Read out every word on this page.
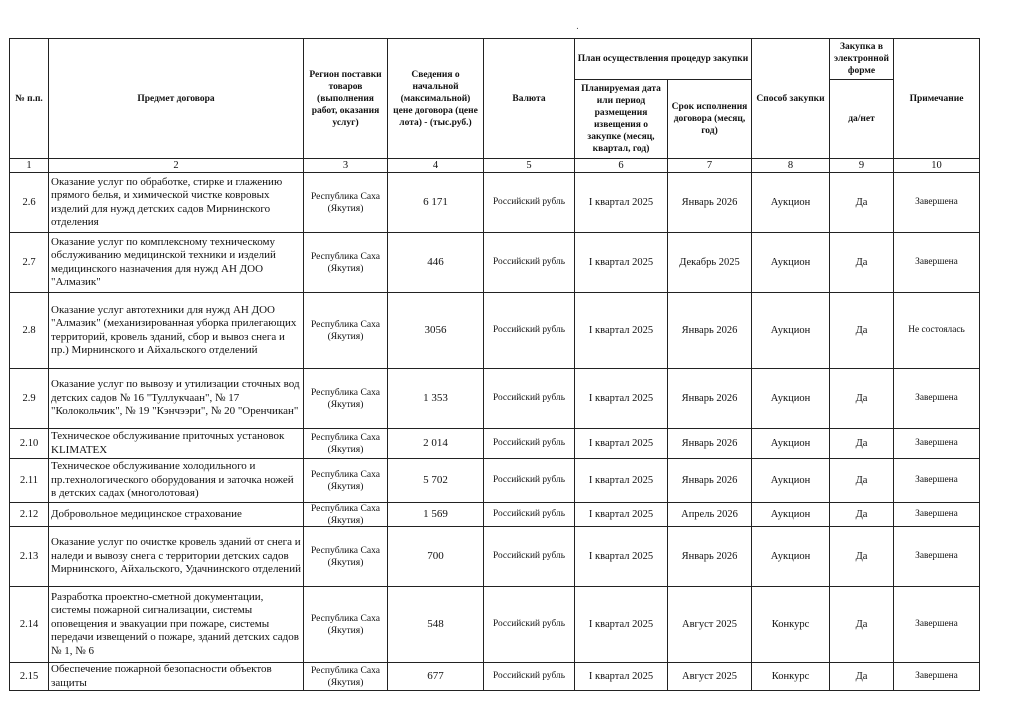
№ п.п.	Предмет договора	Регион поставки товаров (выполнения работ, оказания услуг)	Сведения о начальной (максимальной) цене договора (цене лота) - (тыс.руб.)	Валюта	План осуществления процедур закупки		Способ закупки	Закупка в электронной форме	Примечание
					Планируемая дата или период размещения извещения о закупке (месяц, квартал, год)	Срок исполнения договора (месяц, год)		да/нет	
1	2	3	4	5	6	7	8	9	10
2.6	Оказание услуг по обработке, стирке и глажению прямого белья, и химической чистке ковровых изделий для нужд детских садов Мирнинского отделения	Республика Саха (Якутия)	6 171	Российский рубль	I квартал 2025	Январь 2026	Аукцион	Да	Завершена
2.7	Оказание услуг по комплексному техническому обслуживанию медицинской техники и изделий медицинского назначения для нужд АН ДОО "Алмазик"	Республика Саха (Якутия)	446	Российский рубль	I квартал 2025	Декабрь 2025	Аукцион	Да	Завершена
2.8	Оказание услуг автотехники для нужд АН ДОО "Алмазик" (механизированная уборка прилегающих территорий, кровель зданий, сбор и вывоз снега и пр.) Мирнинского и Айхальского отделений	Республика Саха (Якутия)	3056	Российский рубль	I квартал 2025	Январь 2026	Аукцион	Да	Не состоялась
2.9	Оказание услуг по вывозу и утилизации сточных вод детских садов № 16 "Туллукчаан", № 17 "Колокольчик", № 19 "Кэнчээри", № 20 "Оренчикан"	Республика Саха (Якутия)	1 353	Российский рубль	I квартал 2025	Январь 2026	Аукцион	Да	Завершена
2.10	Техническое обслуживание приточных установок KLIMATEX	Республика Саха (Якутия)	2 014	Российский рубль	I квартал 2025	Январь 2026	Аукцион	Да	Завершена
2.11	Техническое обслуживание холодильного и пр.технологического оборудования и заточка ножей в детских садах (многолотовая)	Республика Саха (Якутия)	5 702	Российский рубль	I квартал 2025	Январь 2026	Аукцион	Да	Завершена
2.12	Добровольное медицинское страхование	Республика Саха (Якутия)	1 569	Российский рубль	I квартал 2025	Апрель 2026	Аукцион	Да	Завершена
2.13	Оказание услуг по очистке кровель зданий от снега и наледи и вывозу снега с территории детских садов Мирнинского, Айхальского, Удачнинского отделений	Республика Саха (Якутия)	700	Российский рубль	I квартал 2025	Январь 2026	Аукцион	Да	Завершена
2.14	Разработка проектно-сметной документации, системы пожарной сигнализации, системы оповещения и эвакуации при пожаре, системы передачи извещений о пожаре, зданий детских садов № 1, № 6	Республика Саха (Якутия)	548	Российский рубль	I квартал 2025	Август 2025	Конкурс	Да	Завершена
2.15	Обеспечение пожарной безопасности объектов защиты	Республика Саха (Якутия)	677	Российский рубль	I квартал 2025	Август 2025	Конкурс	Да	Завершена
.
